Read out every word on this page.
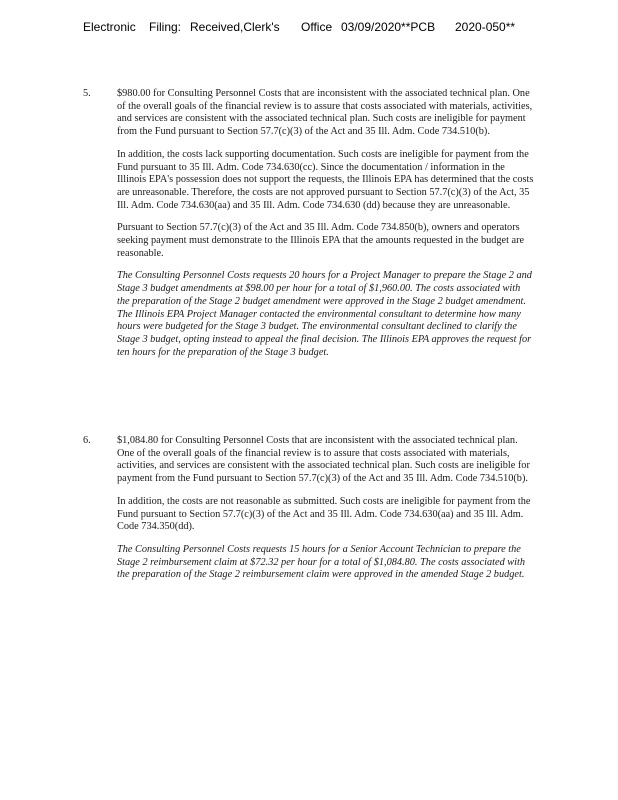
Electronic Filing: Received,Clerk's Office 03/09/2020**PCB 2020-050**
5.	$980.00 for Consulting Personnel Costs that are inconsistent with the associated technical plan. One of the overall goals of the financial review is to assure that costs associated with materials, activities, and services are consistent with the associated technical plan. Such costs are ineligible for payment from the Fund pursuant to Section 57.7(c)(3) of the Act and 35 Ill. Adm. Code 734.510(b).

In addition, the costs lack supporting documentation. Such costs are ineligible for payment from the Fund pursuant to 35 Ill. Adm. Code 734.630(cc). Since the documentation / information in the Illinois EPA's possession does not support the requests, the Illinois EPA has determined that the costs are unreasonable. Therefore, the costs are not approved pursuant to Section 57.7(c)(3) of the Act, 35 Ill. Adm. Code 734.630(aa) and 35 Ill. Adm. Code 734.630 (dd) because they are unreasonable.

Pursuant to Section 57.7(c)(3) of the Act and 35 Ill. Adm. Code 734.850(b), owners and operators seeking payment must demonstrate to the Illinois EPA that the amounts requested in the budget are reasonable.

The Consulting Personnel Costs requests 20 hours for a Project Manager to prepare the Stage 2 and Stage 3 budget amendments at $98.00 per hour for a total of $1,960.00. The costs associated with the preparation of the Stage 2 budget amendment were approved in the Stage 2 budget amendment. The Illinois EPA Project Manager contacted the environmental consultant to determine how many hours were budgeted for the Stage 3 budget. The environmental consultant declined to clarify the Stage 3 budget, opting instead to appeal the final decision. The Illinois EPA approves the request for ten hours for the preparation of the Stage 3 budget.

6.	$1,084.80 for Consulting Personnel Costs that are inconsistent with the associated technical plan. One of the overall goals of the financial review is to assure that costs associated with materials, activities, and services are consistent with the associated technical plan. Such costs are ineligible for payment from the Fund pursuant to Section 57.7(c)(3) of the Act and 35 Ill. Adm. Code 734.510(b).

In addition, the costs are not reasonable as submitted. Such costs are ineligible for payment from the Fund pursuant to Section 57.7(c)(3) of the Act and 35 Ill. Adm. Code 734.630(aa) and 35 Ill. Adm. Code 734.350(dd).

The Consulting Personnel Costs requests 15 hours for a Senior Account Technician to prepare the Stage 2 reimbursement claim at $72.32 per hour for a total of $1,084.80. The costs associated with the preparation of the Stage 2 reimbursement claim were approved in the amended Stage 2 budget.
